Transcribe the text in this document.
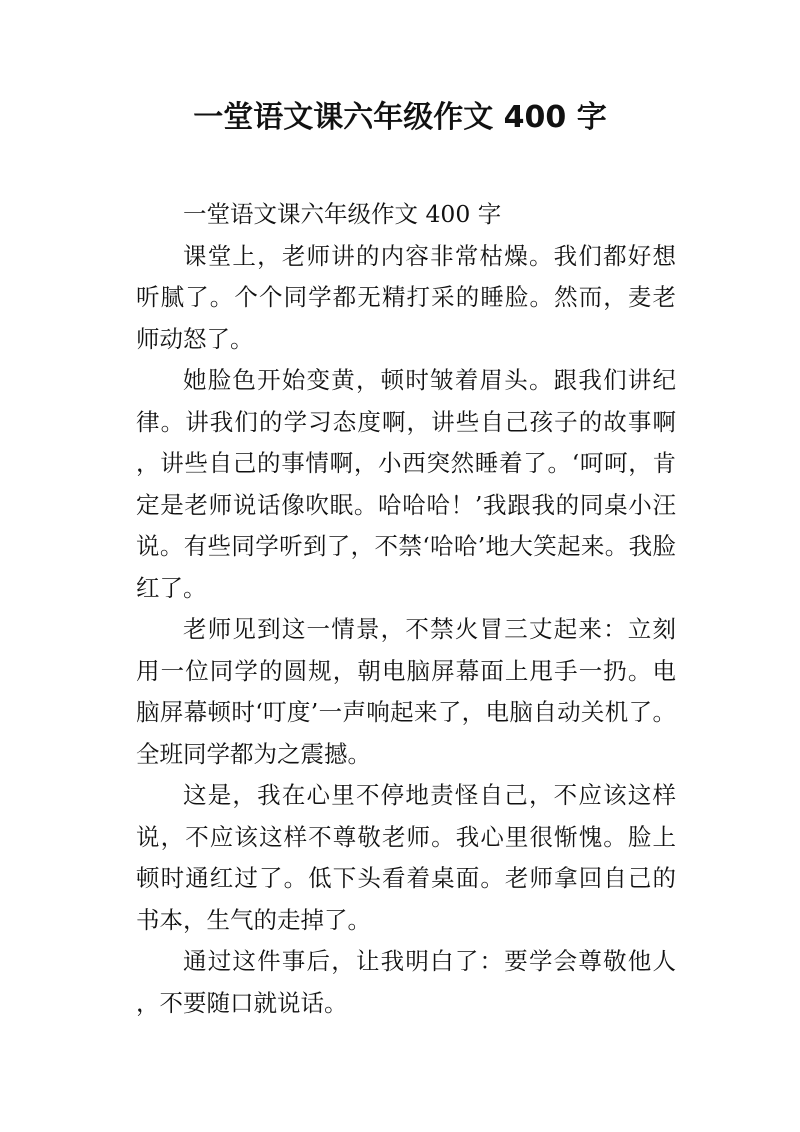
一堂语文课六年级作文 400 字

一堂语文课六年级作文 400 字

课堂上，老师讲的内容非常枯燥。我们都好想听腻了。个个同学都无精打采的睡脸。然而，麦老师动怒了。

她脸色开始变黄，顿时皱着眉头。跟我们讲纪律。讲我们的学习态度啊，讲些自己孩子的故事啊，讲些自己的事情啊，小西突然睡着了。‘呵呵，肯定是老师说话像吹眠。哈哈哈！’我跟我的同桌小汪说。有些同学听到了，不禁‘哈哈’地大笑起来。我脸红了。

老师见到这一情景，不禁火冒三丈起来：立刻用一位同学的圆规，朝电脑屏幕面上甩手一扔。电脑屏幕顿时‘叮度’一声响起来了，电脑自动关机了。全班同学都为之震撼。

这是，我在心里不停地责怪自己，不应该这样说，不应该这样不尊敬老师。我心里很惭愧。脸上顿时通红过了。低下头看着桌面。老师拿回自己的书本，生气的走掉了。

通过这件事后，让我明白了：要学会尊敬他人，不要随口就说话。
